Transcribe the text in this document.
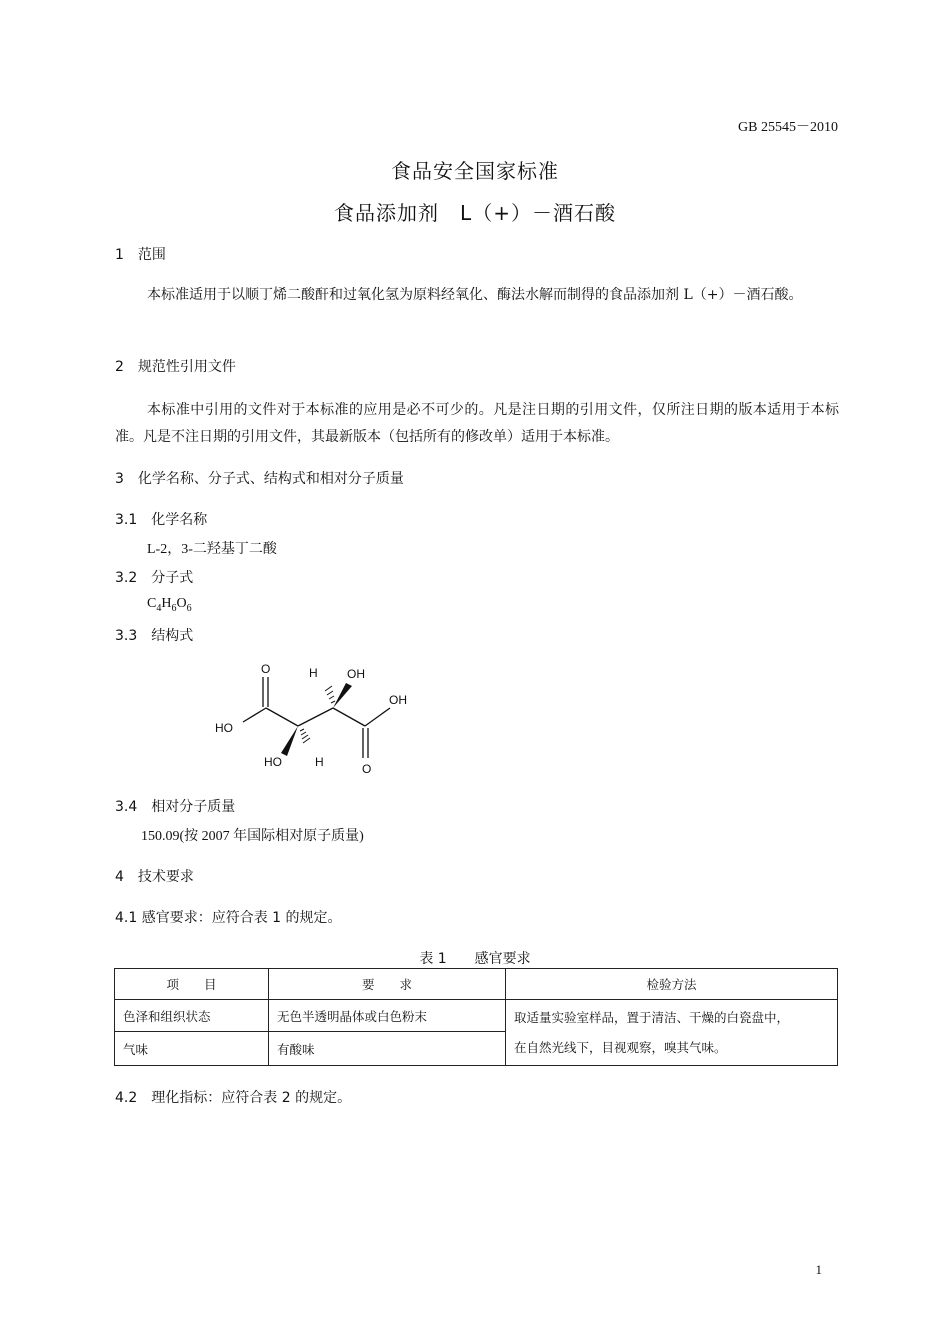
GB 25545－2010
食品安全国家标准
食品添加剂　L（+）－酒石酸
1　范围
本标准适用于以顺丁烯二酸酐和过氧化氢为原料经氧化、酶法水解而制得的食品添加剂 L（+）－酒石酸。
2　规范性引用文件
本标准中引用的文件对于本标准的应用是必不可少的。凡是注日期的引用文件，仅所注日期的版本适用于本标准。凡是不注日期的引用文件，其最新版本（包括所有的修改单）适用于本标准。
3　化学名称、分子式、结构式和相对分子质量
3.1　化学名称
L-2，3-二羟基丁二酸
3.2　分子式
$C_4H_6O_6$
3.3　结构式
O	H OH
OH
HO
HO	H	O
3.4　相对分子质量
150.09(按 2007 年国际相对原子质量)
4　技术要求
4.1 感官要求：应符合表 1 的规定。
表 1　　感官要求
项　　目	要　　求	检验方法
色泽和组织状态	无色半透明晶体或白色粉末	取适量实验室样品，置于清洁、干燥的白瓷盘中，
在自然光线下，目视观察，嗅其气味。

气味	有酸味	
4.2　理化指标：应符合表 2 的规定。
1
